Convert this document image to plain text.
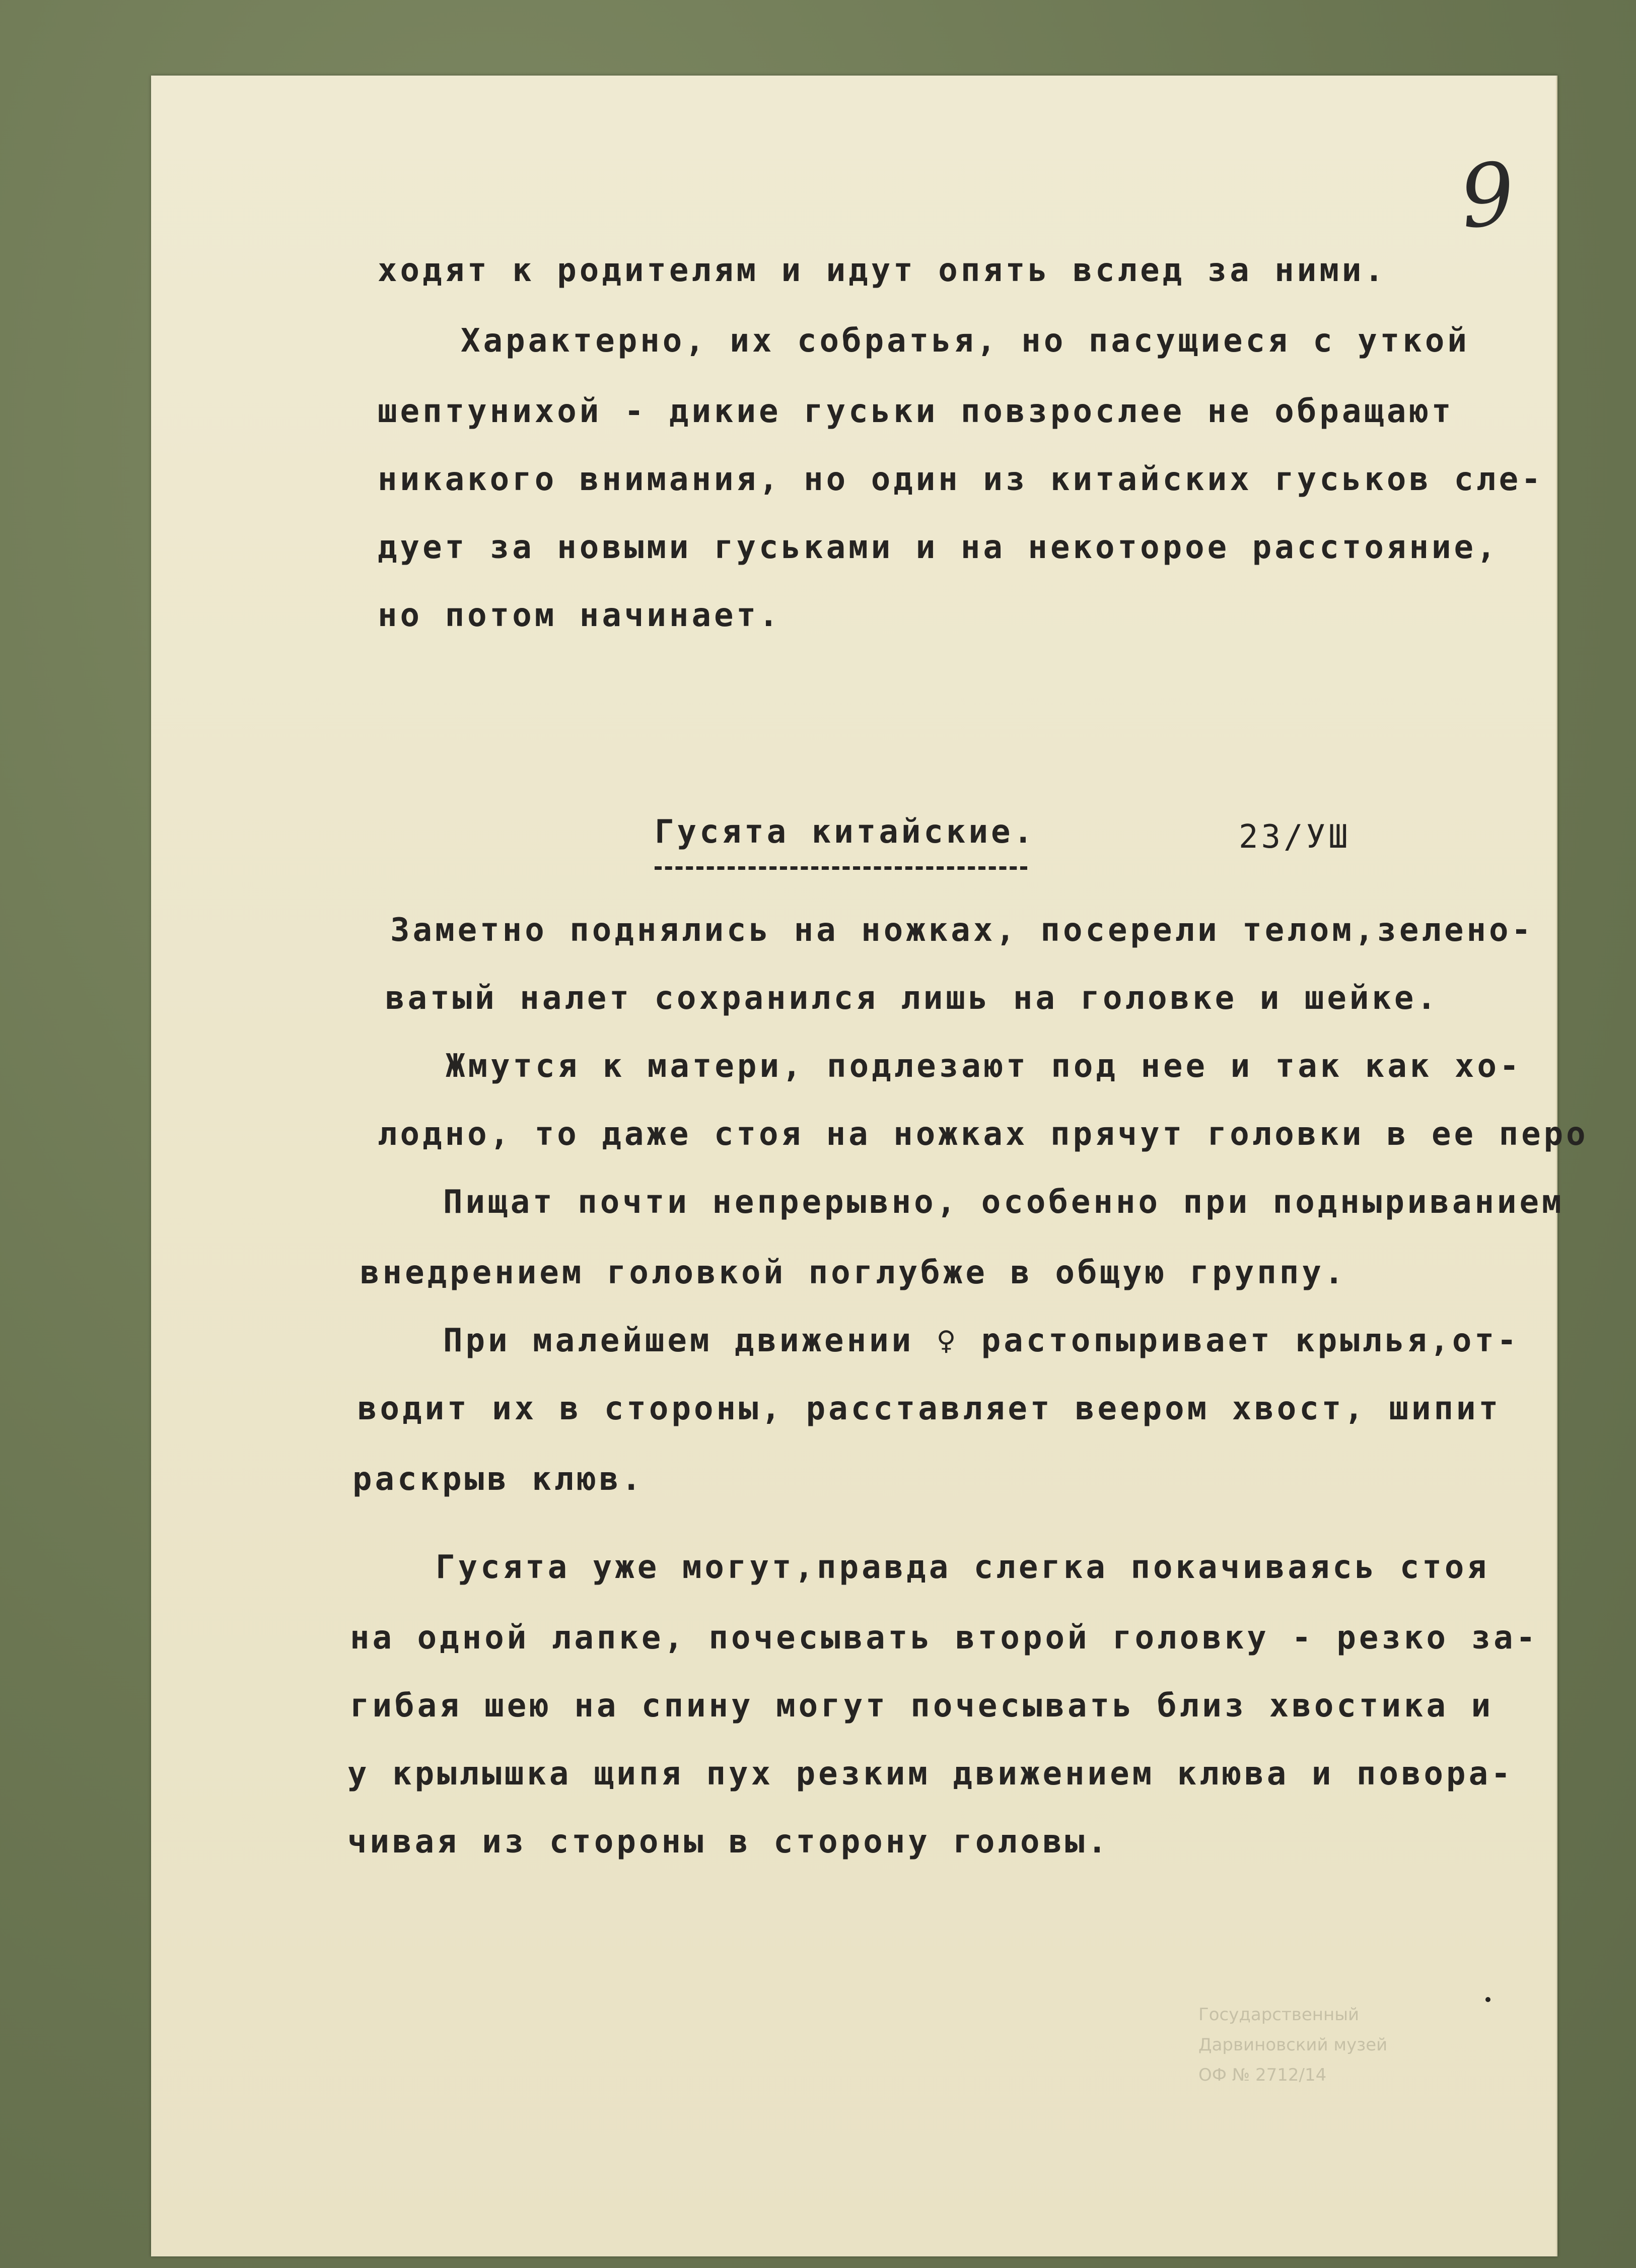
9

ходят к родителям и идут опять вслед за ними.

Характерно, их собратья, но пасущиеся с уткой

шептунихой - дикие гуськи повзрослее не обращают

никакого внимания, но один из китайских гуськов сле-

дует за новыми гуськами и на некоторое расстояние,

но потом начинает.

Гусята китайские.	23/УШ

Заметно поднялись на ножках, посерели телом,зелено-

ватый налет сохранился лишь на головке и шейке.

Жмутся к матери, подлезают под нее и так как хо-

лодно, то даже стоя на ножках прячут головки в ее перо

Пищат почти непрерывно, особенно при подныриванием

внедрением головкой поглубже в общую группу.

При малейшем движении ♀ растопыривает крылья,от-

водит их в стороны, расставляет веером хвост, шипит

раскрыв клюв.

Гусята уже могут,правда слегка покачиваясь стоя

на одной лапке, почесывать второй головку - резко за-

гибая шею на спину могут почесывать близ хвостика и

у крылышка щипя пух резким движением клюва и повора-

чивая из стороны в сторону головы.

Государственный
Дарвиновский музей
ОФ № 2712/14
